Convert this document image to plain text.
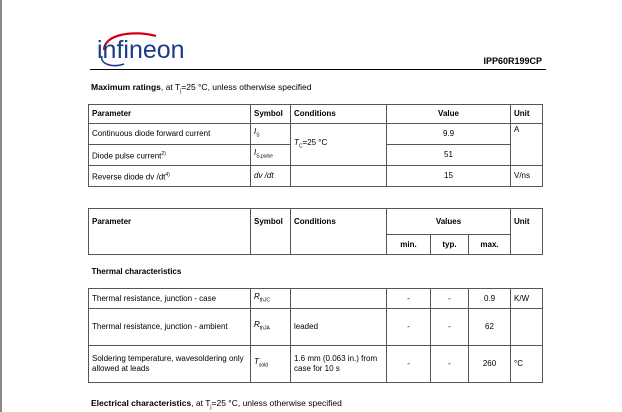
infineon	IPP60R199CP
Maximum ratings, at $T_j=25$ °C, unless otherwise specified
Parameter	Symbol	Conditions	Value	Unit
Continuous diode forward current	$I_S$	$T_C=25$ °C	9.9	A
Diode pulse current$^{2)}$	$I_{S,pulse}$		51	
Reverse diode dv $/dt^{4)}$	dv /dt		15	V/ns
Parameter	Symbol	Conditions	Values			Unit
			min.	typ.	max.	
Thermal characteristics						
Thermal resistance, junction - case	$R_{thJC}$		-	-	0.9	K/W
Thermal resistance, junction - ambient	$R_{thJA}$	leaded	-	-	62	
Soldering temperature, wavesoldering only allowed at leads	$T_{sold}$	1.6 mm (0.063 in.) from case for 10 s	-	-	260	°C
Electrical characteristics, at $T_j=25$ °C, unless otherwise specified
